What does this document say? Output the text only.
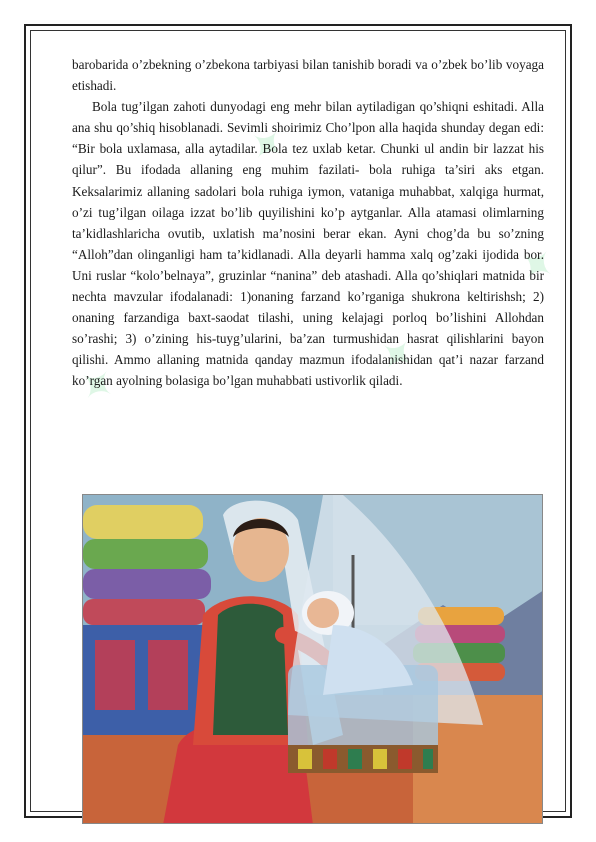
✦
✦
✦
✦

barobarida o’zbekning o’zbekona tarbiyasi bilan tanishib boradi va o’zbek bo’lib voyaga etishadi.

Bola tug’ilgan zahoti dunyodagi eng mehr bilan aytiladigan qo’shiqni eshitadi. Alla ana shu qo’shiq hisoblanadi. Sevimli shoirimiz Cho’lpon alla haqida shunday degan edi: “Bir bola uxlamasa, alla aytadilar. Bola tez uxlab ketar. Chunki ul andin bir lazzat his qilur”. Bu ifodada allaning eng muhim fazilati- bola ruhiga ta’siri aks etgan. Keksalarimiz allaning sadolari bola ruhiga iymon, vataniga muhabbat, xalqiga hurmat, o’zi tug’ilgan oilaga izzat bo’lib quyilishini ko’p aytganlar. Alla atamasi olimlarning ta’kidlashlaricha ovutib, uxlatish ma’nosini berar ekan. Ayni chog’da bu so’zning “Alloh”dan olinganligi ham ta’kidlanadi. Alla deyarli hamma xalq og’zaki ijodida bor. Uni ruslar “kolo’belnaya”, gruzinlar “nanina” deb atashadi. Alla qo’shiqlari matnida bir nechta mavzular ifodalanadi: 1)onaning farzand ko’rganiga shukrona keltirishsh; 2) onaning farzandiga baxt-saodat tilashi, uning kelajagi porloq bo’lishini Allohdan so’rashi; 3) o’zining his-tuyg’ularini, ba’zan turmushidan hasrat qilishlarini bayon qilishi. Ammo allaning matnida qanday mazmun ifodalanishidan qat’i nazar farzand ko’rgan ayolning bolasiga bo’lgan muhabbati ustivorlik qiladi.
